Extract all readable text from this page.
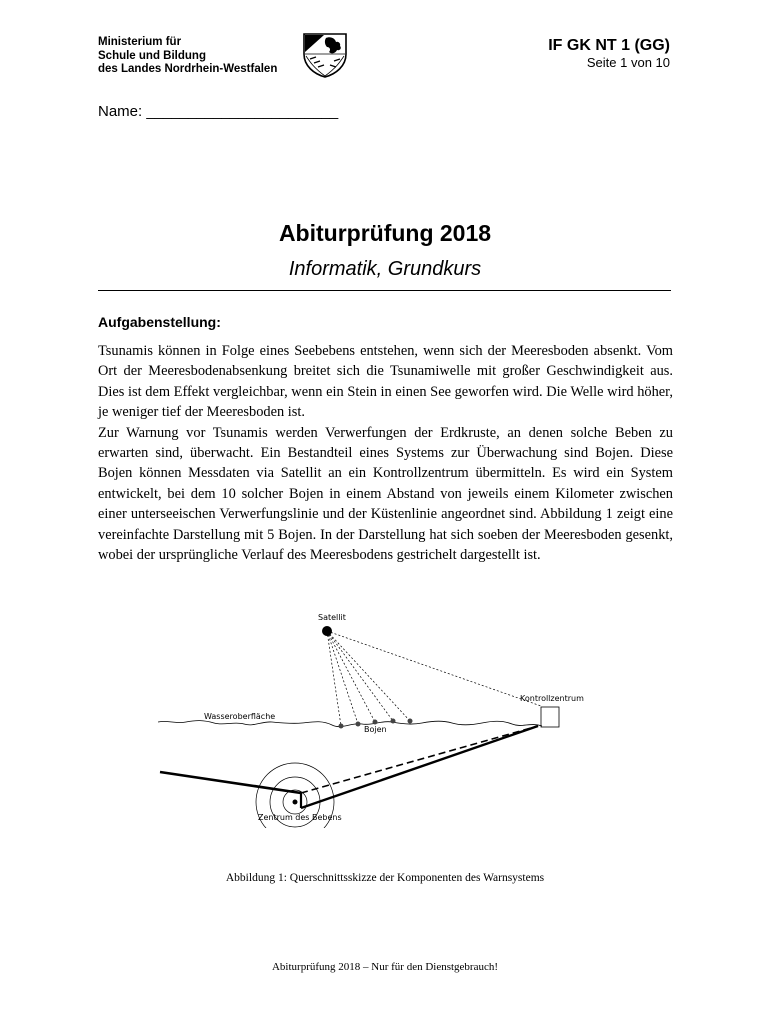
Ministerium für
Schule und Bildung
des Landes Nordrhein-Westfalen
IF GK NT 1 (GG)
Seite 1 von 10
Name: _______________________
Abiturprüfung 2018
Informatik, Grundkurs
Aufgabenstellung:

Tsunamis können in Folge eines Seebebens entstehen, wenn sich der Meeresboden absenkt. Vom Ort der Meeresbodenabsenkung breitet sich die Tsunamiwelle mit großer Geschwindigkeit aus. Dies ist dem Effekt vergleichbar, wenn ein Stein in einen See geworfen wird. Die Welle wird höher, je weniger tief der Meeresboden ist.

Zur Warnung vor Tsunamis werden Verwerfungen der Erdkruste, an denen solche Beben zu erwarten sind, überwacht. Ein Bestandteil eines Systems zur Überwachung sind Bojen. Diese Bojen können Messdaten via Satellit an ein Kontrollzentrum übermitteln. Es wird ein System entwickelt, bei dem 10 solcher Bojen in einem Abstand von jeweils einem Kilometer zwischen einer unterseeischen Verwerfungslinie und der Küstenlinie angeordnet sind. Abbildung 1 zeigt eine vereinfachte Darstellung mit 5 Bojen. In der Darstellung hat sich soeben der Meeresboden gesenkt, wobei der ursprüngliche Verlauf des Meeresbodens gestrichelt dargestellt ist.

Satellit
Kontrollzentrum
Wasseroberfläche
Bojen
Zentrum des Bebens
Abbildung 1: Querschnittsskizze der Komponenten des Warnsystems
Abiturprüfung 2018 – Nur für den Dienstgebrauch!
